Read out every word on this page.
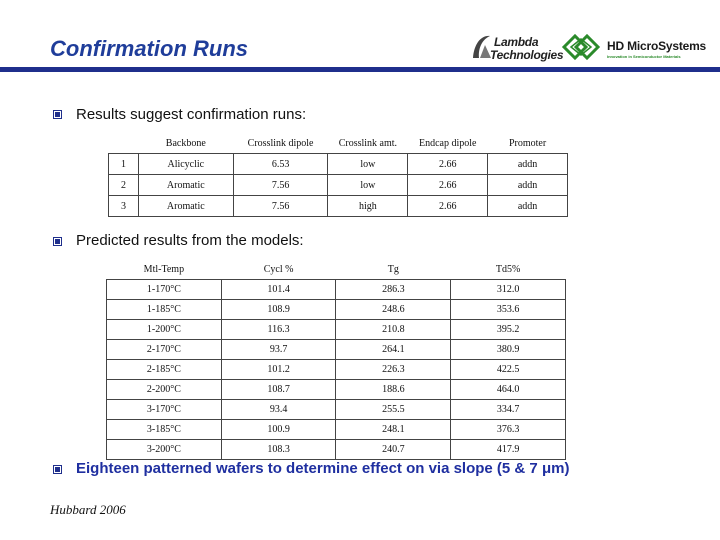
Confirmation Runs	Lambda
Technologies
HD MicroSystems
Innovation in Semiconductor Materials
Results suggest confirmation runs:
	Backbone	Crosslink dipole	Crosslink amt.	Endcap dipole	Promoter
1	Alicyclic	6.53	low	2.66	addn
2	Aromatic	7.56	low	2.66	addn
3	Aromatic	7.56	high	2.66	addn
Predicted results from the models:
Mtl-Temp	Cycl %	Tg	Td5%
1-170°C	101.4	286.3	312.0
1-185°C	108.9	248.6	353.6
1-200°C	116.3	210.8	395.2
2-170°C	93.7	264.1	380.9
2-185°C	101.2	226.3	422.5
2-200°C	108.7	188.6	464.0
3-170°C	93.4	255.5	334.7
3-185°C	100.9	248.1	376.3
3-200°C	108.3	240.7	417.9
Eighteen patterned wafers to determine effect on via slope (5 & 7 μm)
Hubbard 2006
